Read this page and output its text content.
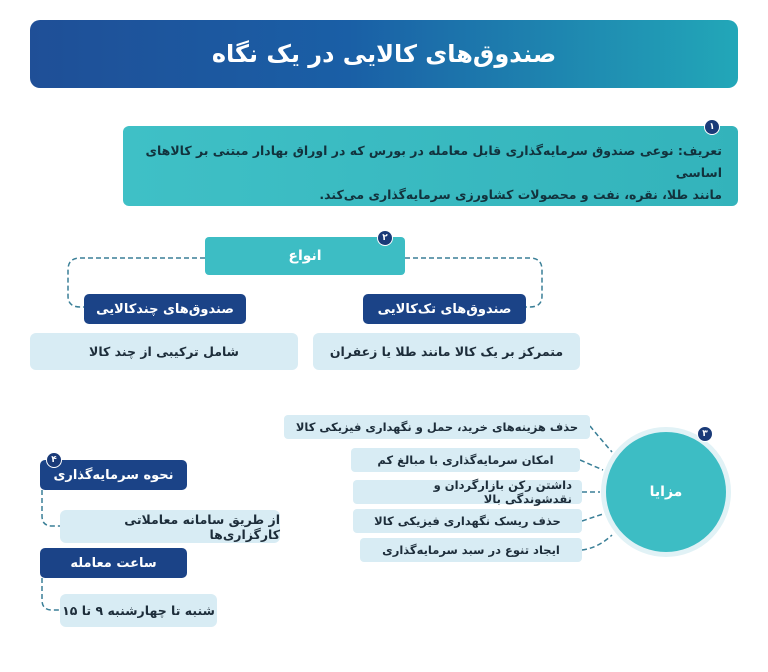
صندوق‌های کالایی در یک نگاه
تعریف: نوعی صندوق سرمایه‌گذاری قابل معامله در بورس که در اوراق بهادار مبتنی بر کالاهای اساسی
مانند طلا، نقره، نفت و محصولات کشاورزی سرمایه‌گذاری می‌کند.
۱
انواع
۲
صندوق‌های تک‌کالایی
متمرکز بر یک کالا مانند طلا یا زعفران
صندوق‌های چندکالایی
شامل ترکیبی از چند کالا
مزایا
۳
حذف هزینه‌های خرید، حمل و نگهداری فیزیکی کالا
امکان سرمایه‌گذاری با مبالغ کم
داشتن رکن بازارگردان و نقدشوندگی بالا
حذف ریسک نگهداری فیزیکی کالا
ایجاد تنوع در سبد سرمایه‌گذاری
نحوه سرمایه‌گذاری
۴
از طریق سامانه معاملاتی کارگزاری‌ها
ساعت معامله
شنبه تا چهارشنبه ۹ تا ۱۵
